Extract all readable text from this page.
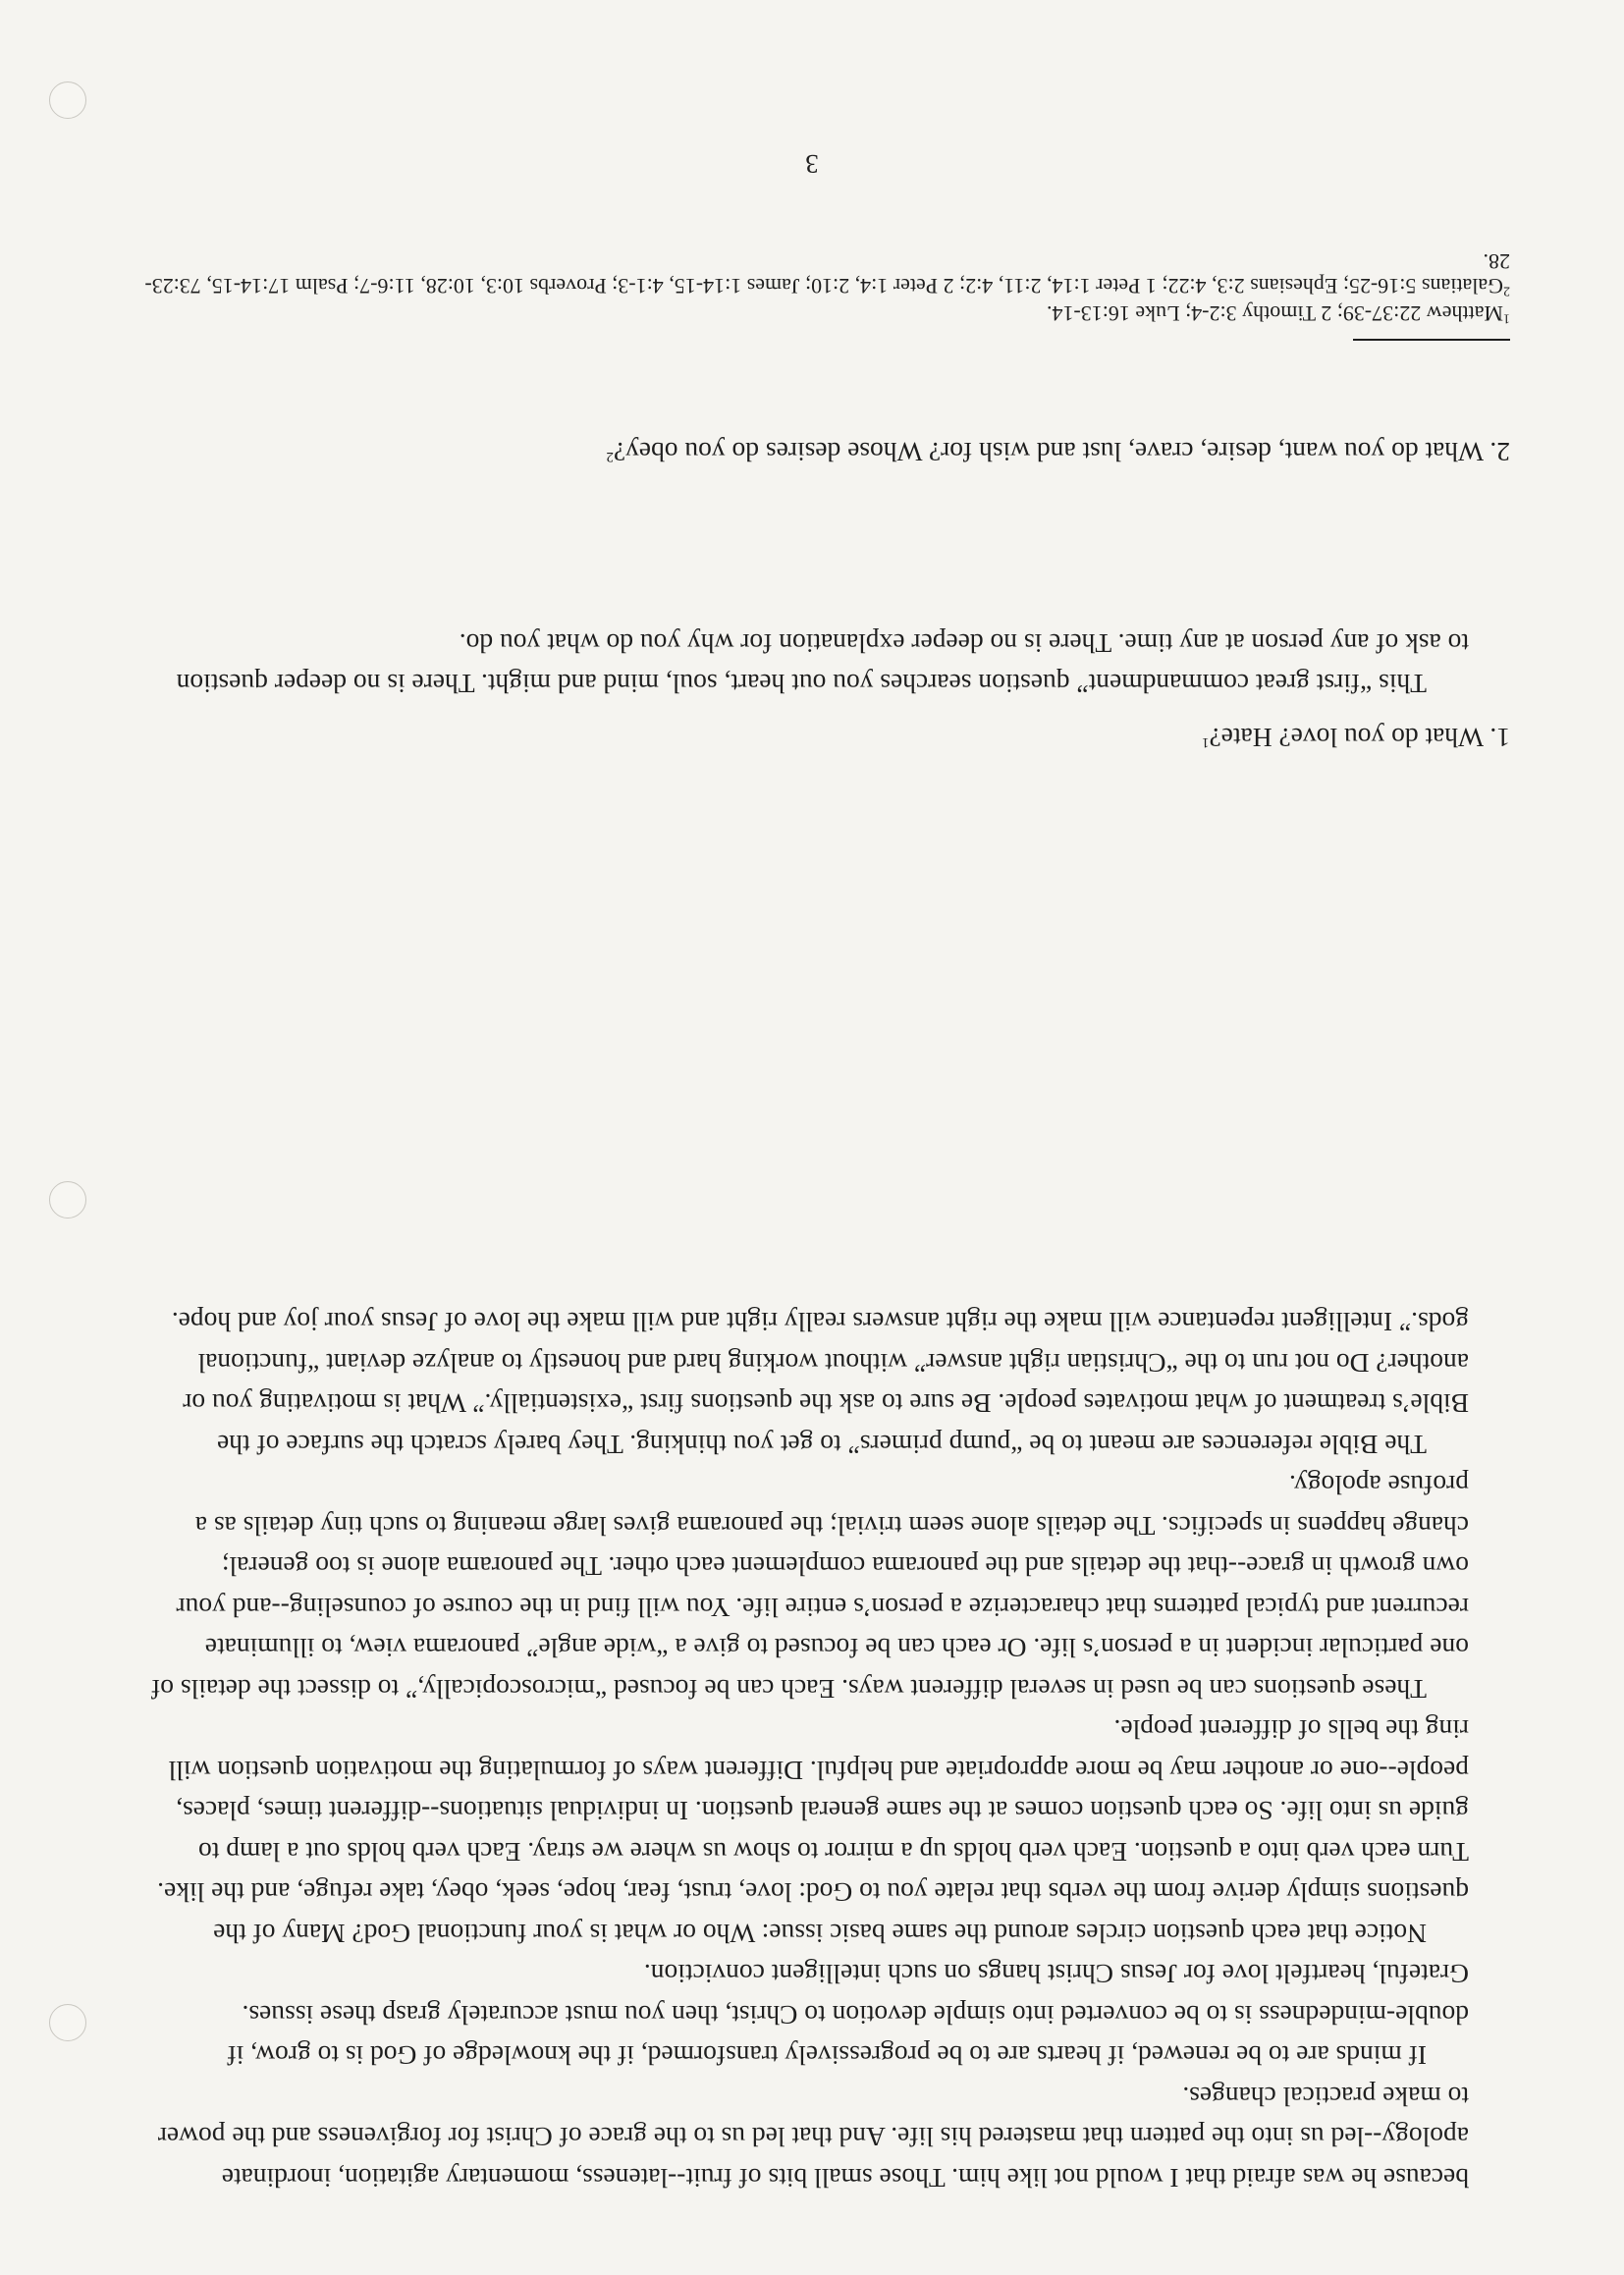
because he was afraid that I would not like him. Those small bits of fruit--lateness, momentary agitation, inordinate apology--led us into the pattern that mastered his life. And that led us to the grace of Christ for forgiveness and the power to make practical changes.

If minds are to be renewed, if hearts are to be progressively transformed, if the knowledge of God is to grow, if double-mindedness is to be converted into simple devotion to Christ, then you must accurately grasp these issues. Grateful, heartfelt love for Jesus Christ hangs on such intelligent conviction.

Notice that each question circles around the same basic issue: Who or what is your functional God? Many of the questions simply derive from the verbs that relate you to God: love, trust, fear, hope, seek, obey, take refuge, and the like. Turn each verb into a question. Each verb holds up a mirror to show us where we stray. Each verb holds out a lamp to guide us into life. So each question comes at the same general question. In individual situations--different times, places, people--one or another may be more appropriate and helpful. Different ways of formulating the motivation question will ring the bells of different people.

These questions can be used in several different ways. Each can be focused “microscopically,” to dissect the details of one particular incident in a person’s life. Or each can be focused to give a “wide angle” panorama view, to illuminate recurrent and typical patterns that characterize a person’s entire life. You will find in the course of counseling--and your own growth in grace--that the details and the panorama complement each other. The panorama alone is too general; change happens in specifics. The details alone seem trivial; the panorama gives large meaning to such tiny details as a profuse apology.

The Bible references are meant to be “pump primers” to get you thinking. They barely scratch the surface of the Bible’s treatment of what motivates people. Be sure to ask the questions first “existentially.” What is motivating you or another? Do not run to the “Christian right answer” without working hard and honestly to analyze deviant “functional gods.” Intelligent repentance will make the right answers really right and will make the love of Jesus your joy and hope.

1. What do you love? Hate?$^1$

This “first great commandment” question searches you out heart, soul, mind and might. There is no deeper question to ask of any person at any time. There is no deeper explanation for why you do what you do.

2. What do you want, desire, crave, lust and wish for? Whose desires do you obey?$^2$

$^1$Matthew 22:37-39; 2 Timothy 3:2-4; Luke 16:13-14.

$^2$Galatians 5:16-25; Ephesians 2:3, 4:22; 1 Peter 1:14, 2:11, 4:2; 2 Peter 1:4, 2:10; James 1:14-15, 4:1-3; Proverbs 10:3, 10:28, 11:6-7; Psalm 17:14-15, 73:23-28.

3
